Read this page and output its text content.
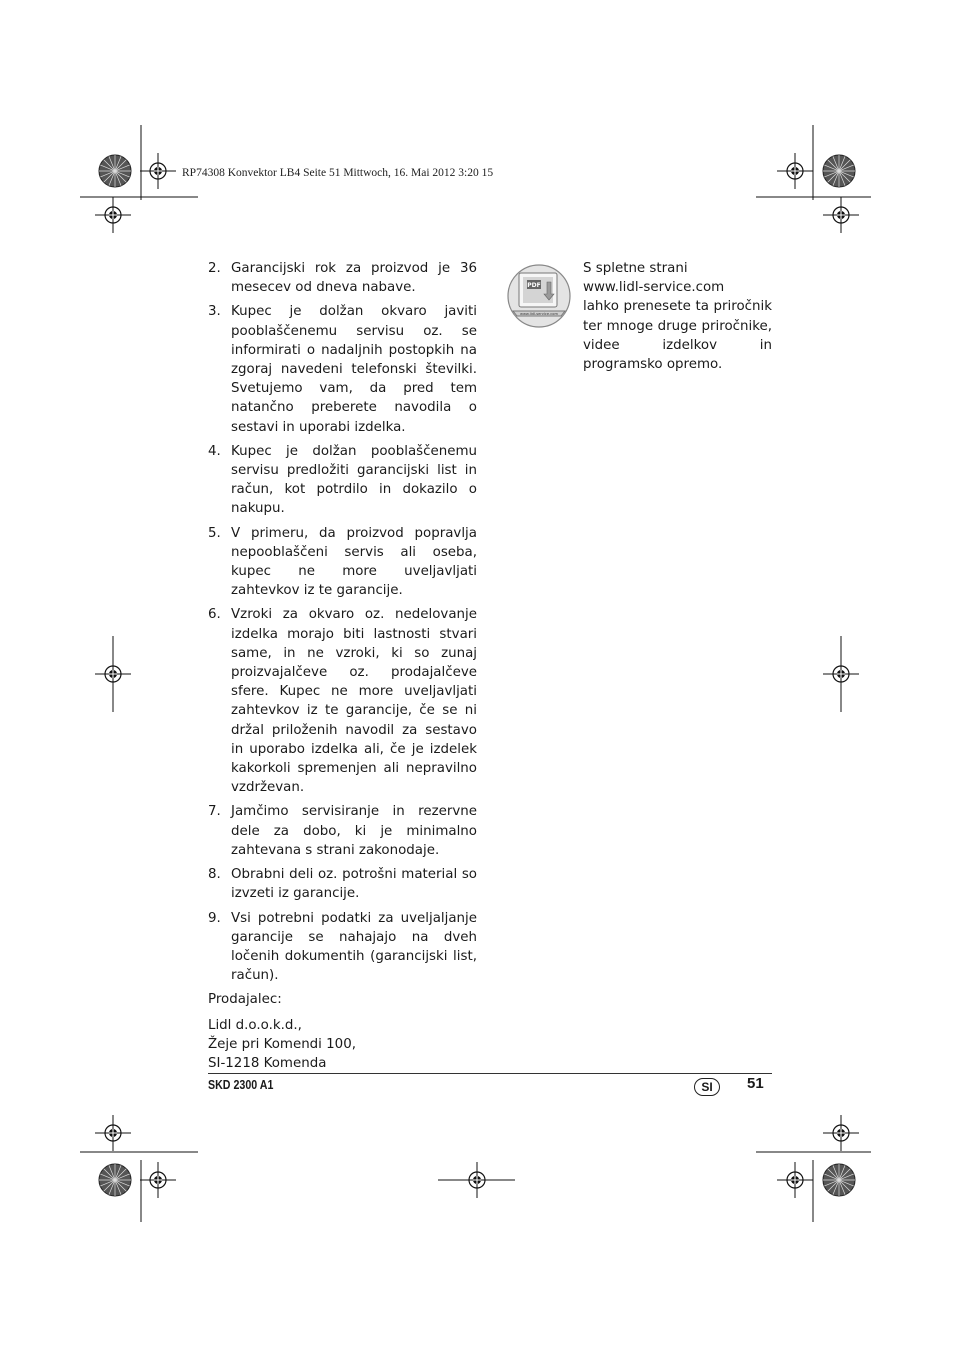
RP74308 Konvektor LB4 Seite 51 Mittwoch, 16. Mai 2012 3:20 15
2. Garancijski rok za proizvod je 36 mesecev od dneva nabave.
3. Kupec je dolžan okvaro javiti pooblaščenemu servisu oz. se informirati o nadaljnih postopkih na zgoraj navedeni telefonski številki. Svetujemo vam, da pred tem natančno preberete navodila o sestavi in uporabi izdelka.
4. Kupec je dolžan pooblaščenemu servisu predložiti garancijski list in račun, kot potrdilo in dokazilo o nakupu.
5. V primeru, da proizvod popravlja nepooblaščeni servis ali oseba, kupec ne more uveljavljati zahtevkov iz te garancije.
6. Vzroki za okvaro oz. nedelovanje izdelka morajo biti lastnosti stvari same, in ne vzroki, ki so zunaj proizvajalčeve oz. prodajalčeve sfere. Kupec ne more uveljavljati zahtevkov iz te garancije, če se ni držal priloženih navodil za sestavo in uporabo izdelka ali, če je izdelek kakorkoli spremenjen ali nepravilno vzdrževan.
7. Jamčimo servisiranje in rezervne dele za dobo, ki je minimalno zahtevana s strani zakonodaje.
8. Obrabni deli oz. potrošni material so izvzeti iz garancije.
9. Vsi potrebni podatki za uveljaljanje garancije se nahajajo na dveh ločenih dokumentih (garancijski list, račun).
Prodajalec:
Lidl d.o.o.k.d.,
Žeje pri Komendi 100,
SI-1218 Komenda
PDF
www.lidl-service.com
S spletne strani
www.lidl-service.com
lahko prenesete ta priročnik ter mnoge druge priročnike, videe izdelkov in programsko opremo.
SKD 2300 A1	SI	51
